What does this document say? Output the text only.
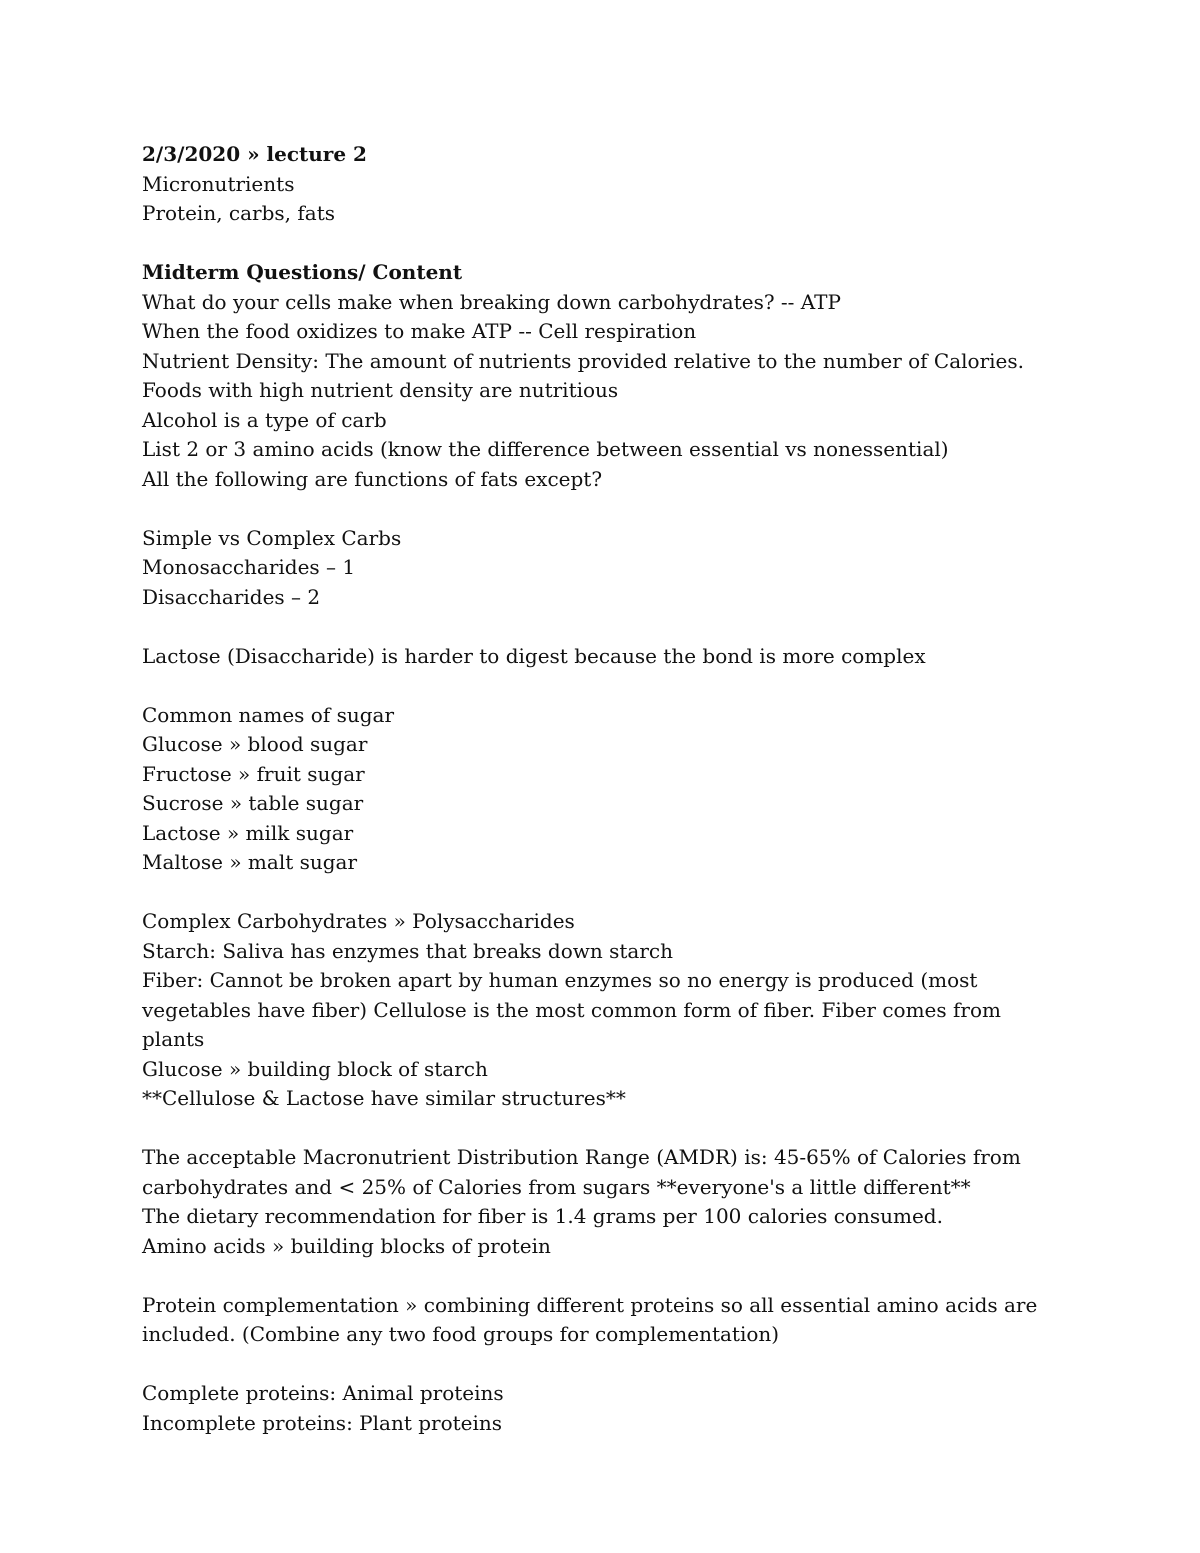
2/3/2020 » lecture 2
Micronutrients
Protein, carbs, fats
Midterm Questions/ Content
What do your cells make when breaking down carbohydrates? -- ATP
When the food oxidizes to make ATP -- Cell respiration
Nutrient Density: The amount of nutrients provided relative to the number of Calories. Foods with high nutrient density are nutritious
Alcohol is a type of carb
List 2 or 3 amino acids (know the difference between essential vs nonessential)
All the following are functions of fats except?
Simple vs Complex Carbs
Monosaccharides – 1
Disaccharides – 2
Lactose (Disaccharide) is harder to digest because the bond is more complex
Common names of sugar
Glucose » blood sugar
Fructose » fruit sugar
Sucrose » table sugar
Lactose » milk sugar
Maltose » malt sugar
Complex Carbohydrates » Polysaccharides
Starch: Saliva has enzymes that breaks down starch
Fiber: Cannot be broken apart by human enzymes so no energy is produced (most vegetables have fiber) Cellulose is the most common form of fiber. Fiber comes from plants
Glucose » building block of starch
**Cellulose & Lactose have similar structures**
The acceptable Macronutrient Distribution Range (AMDR) is: 45-65% of Calories from carbohydrates and < 25% of Calories from sugars **everyone's a little different**
The dietary recommendation for fiber is 1.4 grams per 100 calories consumed.
Amino acids » building blocks of protein
Protein complementation » combining different proteins so all essential amino acids are included. (Combine any two food groups for complementation)
Complete proteins: Animal proteins
Incomplete proteins: Plant proteins
